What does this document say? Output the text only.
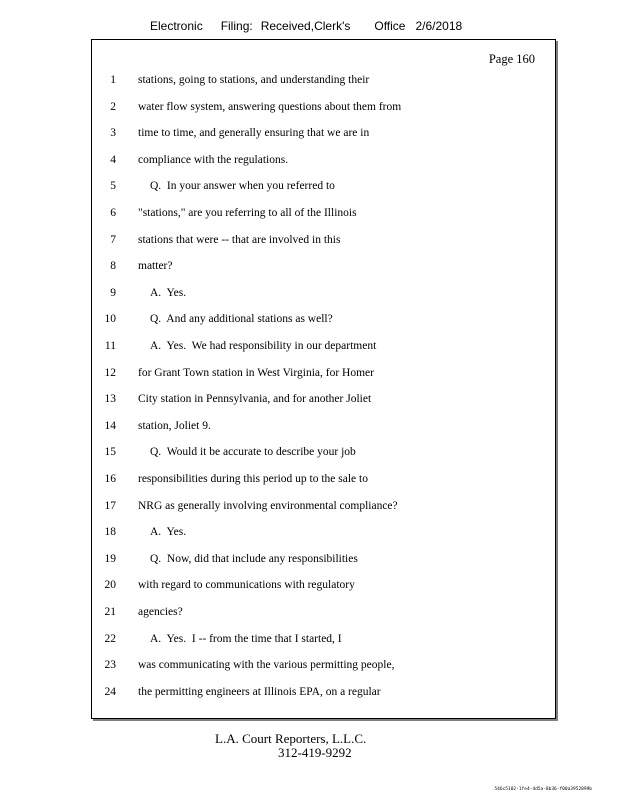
Electronic Filing: Received,Clerk's Office 2/6/2018
Page 160
1 stations, going to stations, and understanding their
2 water flow system, answering questions about them from
3 time to time, and generally ensuring that we are in
4 compliance with the regulations.
5	Q.  In your answer when you referred to
6 "stations," are you referring to all of the Illinois
7 stations that were -- that are involved in this
8 matter?
9	A.  Yes.
10	Q.  And any additional stations as well?
11	A.  Yes.  We had responsibility in our department
12 for Grant Town station in West Virginia, for Homer
13 City station in Pennsylvania, and for another Joliet
14 station, Joliet 9.
15	Q.  Would it be accurate to describe your job
16 responsibilities during this period up to the sale to
17 NRG as generally involving environmental compliance?
18	A.  Yes.
19	Q.  Now, did that include any responsibilities
20 with regard to communications with regulatory
21 agencies?
22	A.  Yes.  I -- from the time that I started, I
23 was communicating with the various permitting people,
24 the permitting engineers at Illinois EPA, on a regular
L.A. Court Reporters, L.L.C.
312-419-9292
546c5102-1fe4-4d5a-8b36-f00a3952899b
